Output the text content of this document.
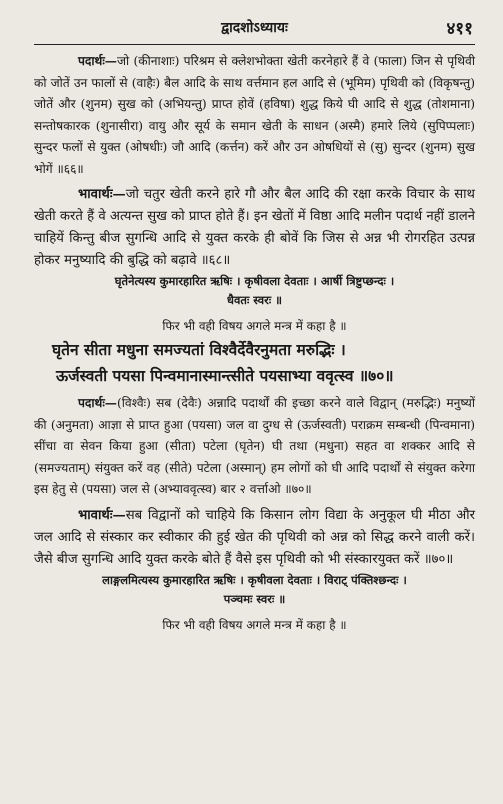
द्वादशोऽध्यायः	४११

पदार्थः—जो (कीनाशाः) परिश्रम से क्लेशभोक्ता खेती करनेहारे हैं वे (फाला) जिन से पृथिवी को जोतें उन फालों से (वाहैः) बैल आदि के साथ वर्त्तमान हल आदि से (भूमिम) पृथिवी को (विकृषन्तु) जोतें और (शुनम) सुख को (अभियन्तु) प्राप्त होवें (हविषा) शुद्ध किये घी आदि से शुद्ध (तोशमाना) सन्तोषकारक (शुनासीरा) वायु और सूर्य के समान खेती के साधन (अस्मै) हमारे लिये (सुपिप्पलाः) सुन्दर फलों से युक्त (ओषधीः) जौ आदि (कर्त्तन) करें और उन ओषधियों से (सु) सुन्दर (शुनम) सुख भोगें ॥६६॥

भावार्थः—जो चतुर खेती करने हारे गौ और बैल आदि की रक्षा करके विचार के साथ खेती करते हैं वे अत्यन्त सुख को प्राप्त होते हैं। इन खेतों में विष्ठा आदि मलीन पदार्थ नहीं डालने चाहियें किन्तु बीज सुगन्धि आदि से युक्त करके ही बोवें कि जिस से अन्न भी रोगरहित उत्पन्न होकर मनुष्यादि की बुद्धि को बढ़ावे ॥६८॥

घृतेनेत्यस्य कुमारहारित ऋषिः । कृषीवला देवताः । आर्षी त्रिष्टुप्छन्दः ।

धैवतः स्वरः ॥

फिर भी वही विषय अगले मन्त्र में कहा है ॥

घृतेन सीता मधुना समज्यतां विश्वैर्देवैरनुमता मरुद्भिः ।

ऊर्जस्वती पयसा पिन्वमानास्मान्त्सीते पयसाभ्या ववृत्स्व ॥७०॥

पदार्थः—(विश्वैः) सब (देवैः) अन्नादि पदार्थों की इच्छा करने वाले विद्वान् (मरुद्भिः) मनुष्यों की (अनुमता) आज्ञा से प्राप्त हुआ (पयसा) जल वा दुग्ध से (ऊर्जस्वती) पराक्रम सम्बन्धी (पिन्वमाना) सींचा वा सेवन किया हुआ (सीता) पटेला (घृतेन) घी तथा (मधुना) सहत वा शक्कर आदि से (समज्यताम्) संयुक्त करें वह (सीते) पटेला (अस्मान्) हम लोगों को घी आदि पदार्थों से संयुक्त करेगा इस हेतु से (पयसा) जल से (अभ्याववृत्स्व) बार २ वर्त्ताओ ॥७०॥

भावार्थः—सब विद्वानों को चाहिये कि किसान लोग विद्या के अनुकूल घी मीठा और जल आदि से संस्कार कर स्वीकार की हुई खेत की पृथिवी को अन्न को सिद्ध करने वाली करें। जैसे बीज सुगन्धि आदि युक्त करके बोते हैं वैसे इस पृथिवी को भी संस्कारयुक्त करें ॥७०॥

लाङ्गलमित्यस्य कुमारहारित ऋषिः । कृषीवला देवताः । विराट् पंक्तिश्छन्दः ।

पञ्चमः स्वरः ॥

फिर भी वही विषय अगले मन्त्र में कहा है ॥
